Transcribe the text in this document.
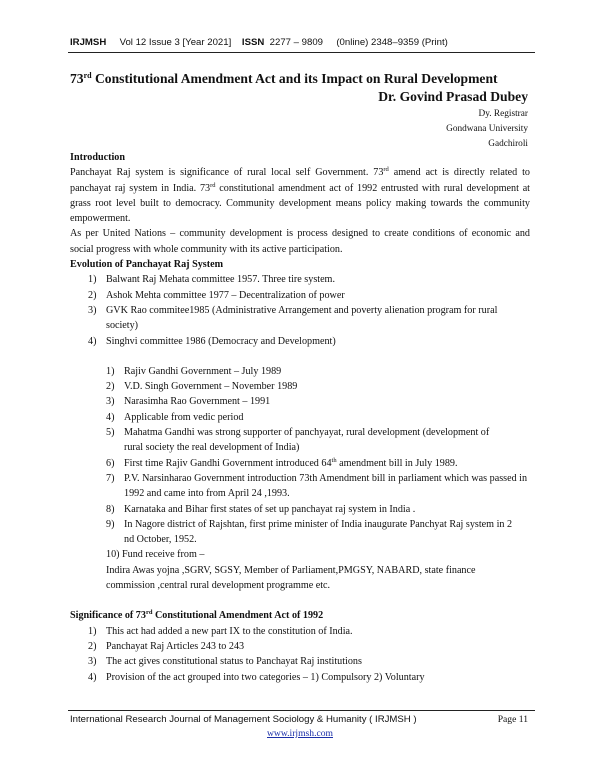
IRJMSH Vol 12 Issue 3 [Year 2021] ISSN 2277 – 9809 (0nline) 2348–9359 (Print)
73rd Constitutional Amendment Act and its Impact on Rural Development
Dr. Govind Prasad Dubey
Dy. Registrar
Gondwana University
Gadchiroli

Introduction

Panchayat Raj system is significance of rural local self Government. 73rd amend act is directly related to panchayat raj system in India. 73rd constitutional amendment act of 1992 entrusted with rural development at grass root level built to democracy. Community development means policy making towards the community empowerment.

As per United Nations – community development is process designed to create conditions of economic and social progress with whole community with its active participation.

Evolution of Panchayat Raj System

1) Balwant Raj Mehata committee 1957. Three tire system.
2) Ashok Mehta committee 1977 – Decentralization of power
3) GVK Rao commitee1985 (Administrative Arrangement and poverty alienation program for rural society)
4) Singhvi committee 1986 (Democracy and Development)
1) Rajiv Gandhi Government – July 1989
2) V.D. Singh Government – November 1989
3) Narasimha Rao Government – 1991
4) Applicable from vedic period
5) Mahatma Gandhi was strong supporter of panchyayat, rural development (development of rural society the real development of India)
6) First time Rajiv Gandhi Government introduced 64th amendment bill in July 1989.
7) P.V. Narsinharao Government introduction 73th Amendment bill in parliament which was passed in 1992 and came into from April 24 ,1993.
8) Karnataka and Bihar first states of set up panchayat raj system in India .
9) In Nagore district of Rajshtan, first prime minister of India inaugurate Panchyat Raj system in 2 nd October, 1952.

10) Fund receive from –

Indira Awas yojna ,SGRV, SGSY, Member of Parliament,PMGSY, NABARD, state finance commission ,central rural development programme etc.

Significance of 73rd Constitutional Amendment Act of 1992

1) This act had added a new part IX to the constitution of India.
2) Panchayat Raj Articles 243 to 243
3) The act gives constitutional status to Panchayat Raj institutions
4) Provision of the act grouped into two categories – 1) Compulsory 2) Voluntary
International Research Journal of Management Sociology & Humanity ( IRJMSH )	Page 11
www.irjmsh.com
